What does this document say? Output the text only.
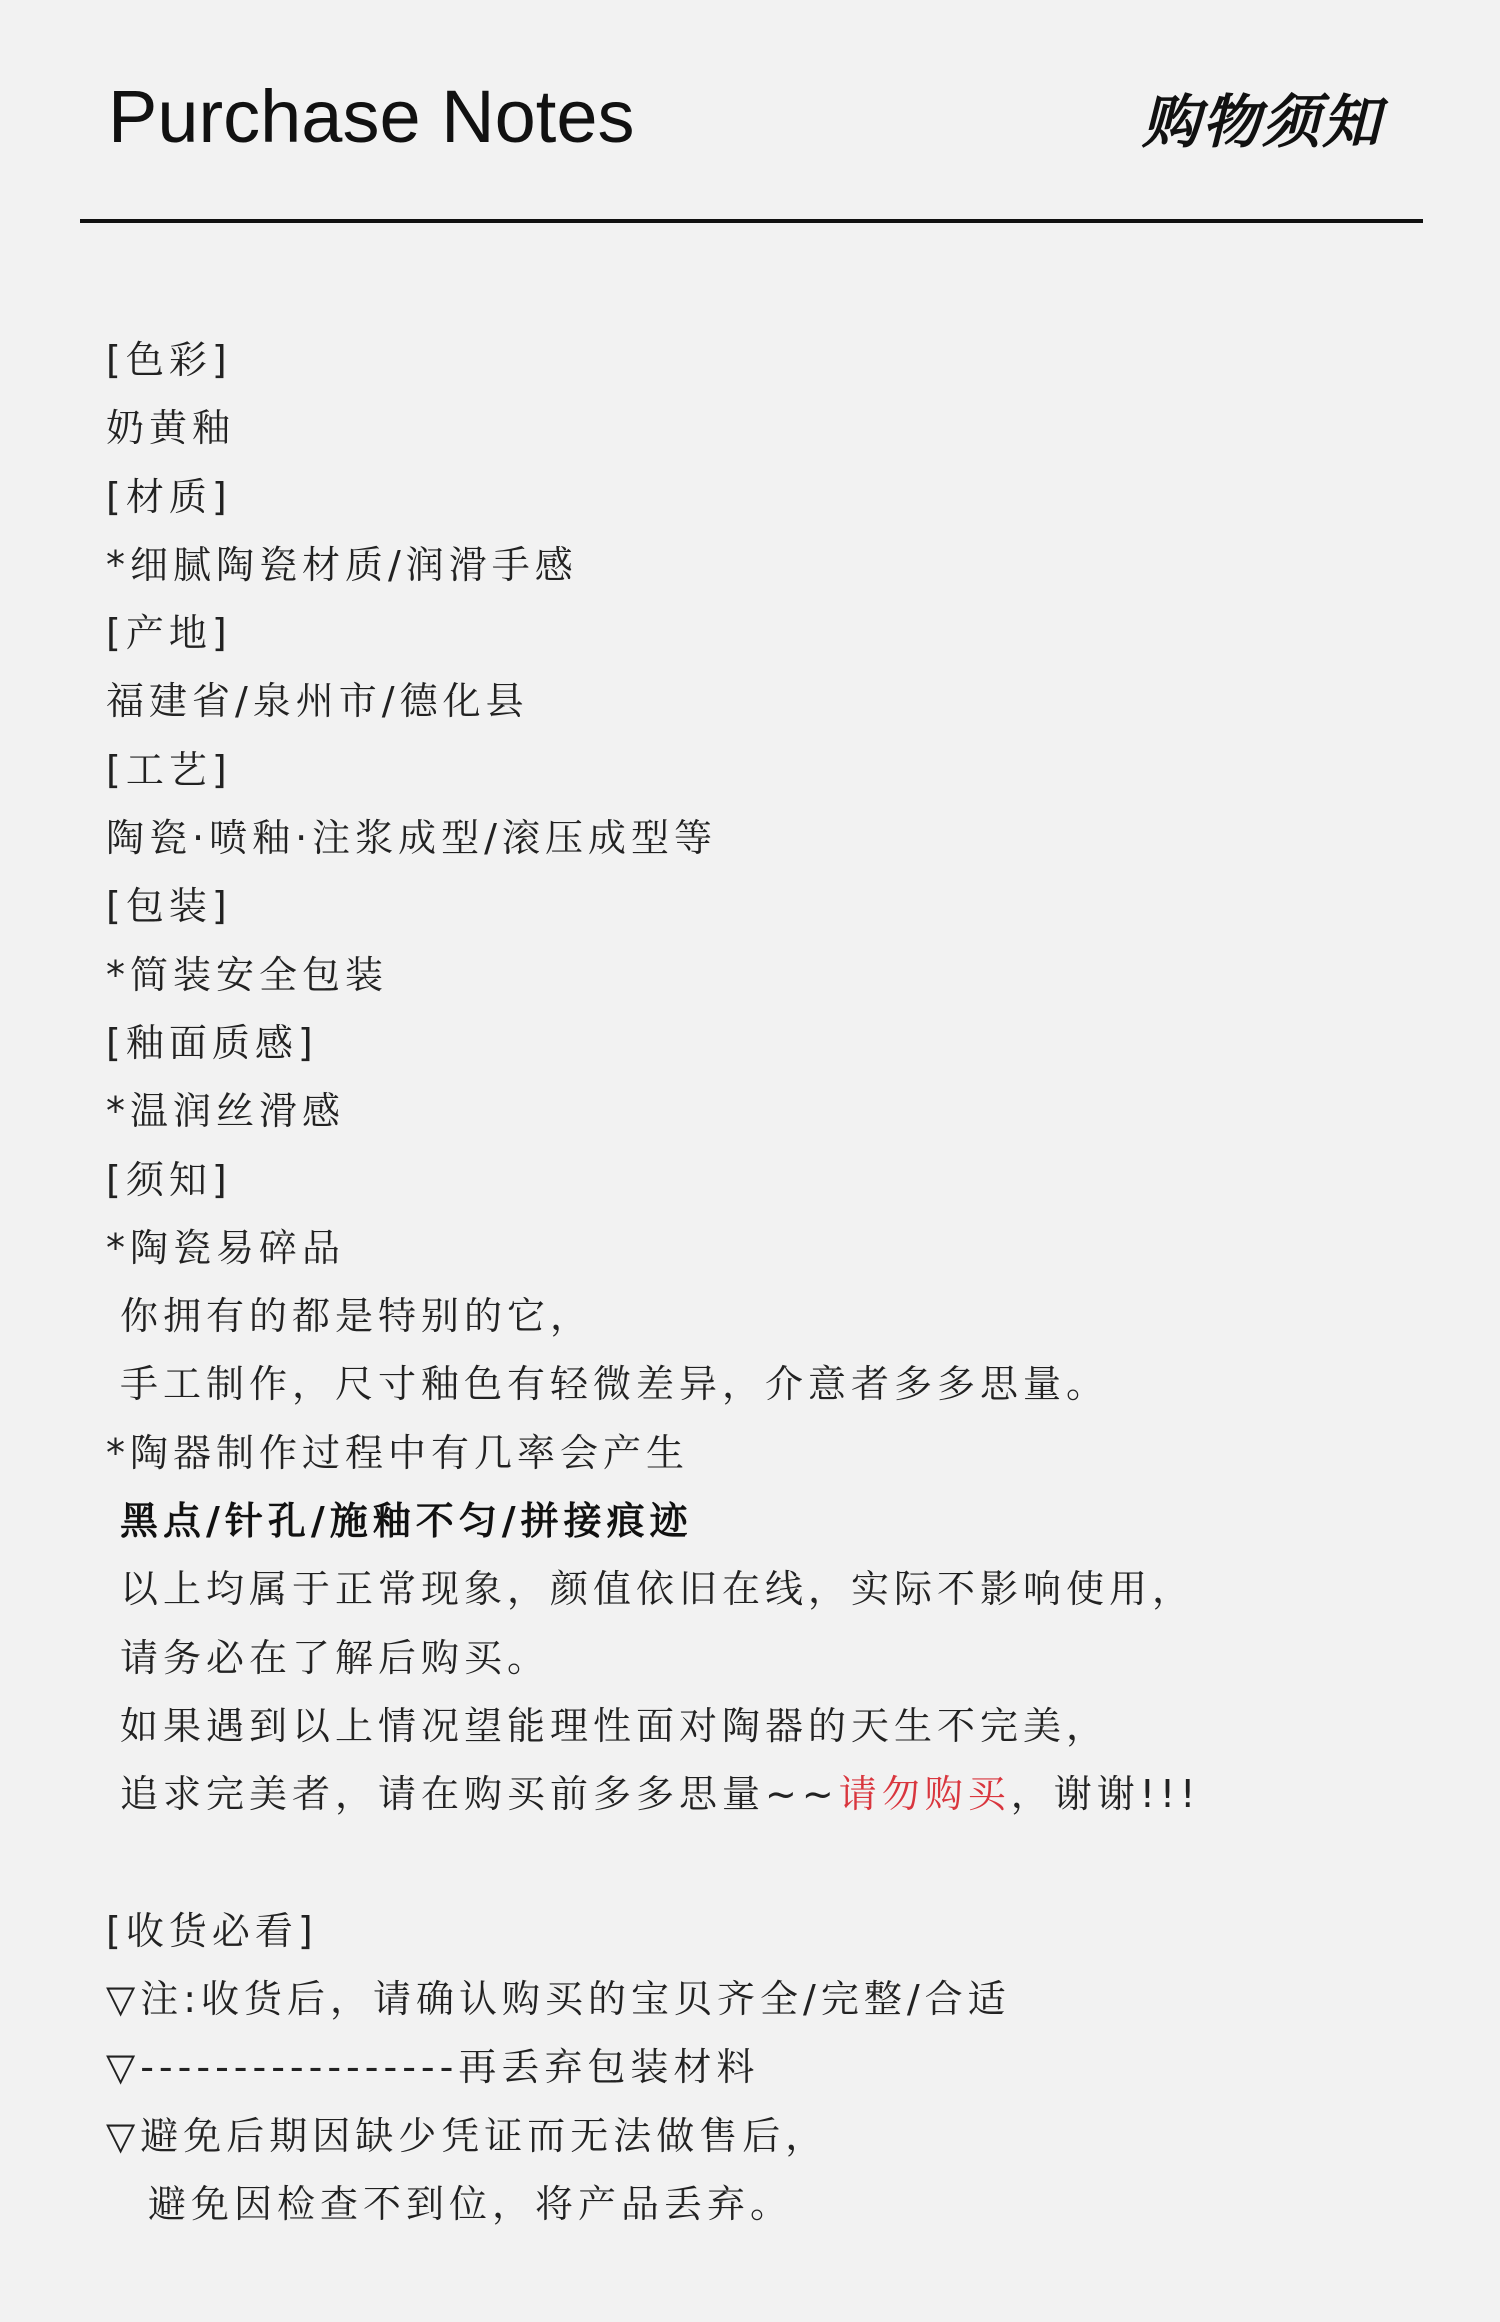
Purchase Notes	购物须知
[色彩]
奶黄釉
[材质]
*细腻陶瓷材质/润滑手感
[产地]
福建省/泉州市/德化县
[工艺]
陶瓷·喷釉·注浆成型/滚压成型等
[包装]
*简装安全包装
[釉面质感]
*温润丝滑感
[须知]
*陶瓷易碎品
你拥有的都是特别的它，
手工制作，尺寸釉色有轻微差异，介意者多多思量。
*陶器制作过程中有几率会产生
黑点/针孔/施釉不匀/拼接痕迹
以上均属于正常现象，颜值依旧在线，实际不影响使用，
请务必在了解后购买。
如果遇到以上情况望能理性面对陶器的天生不完美，
追求完美者，请在购买前多多思量~~请勿购买，谢谢!!!
[收货必看]
▽注:收货后，请确认购买的宝贝齐全/完整/合适
▽-----------------再丢弃包装材料
▽避免后期因缺少凭证而无法做售后，
避免因检查不到位，将产品丢弃。
